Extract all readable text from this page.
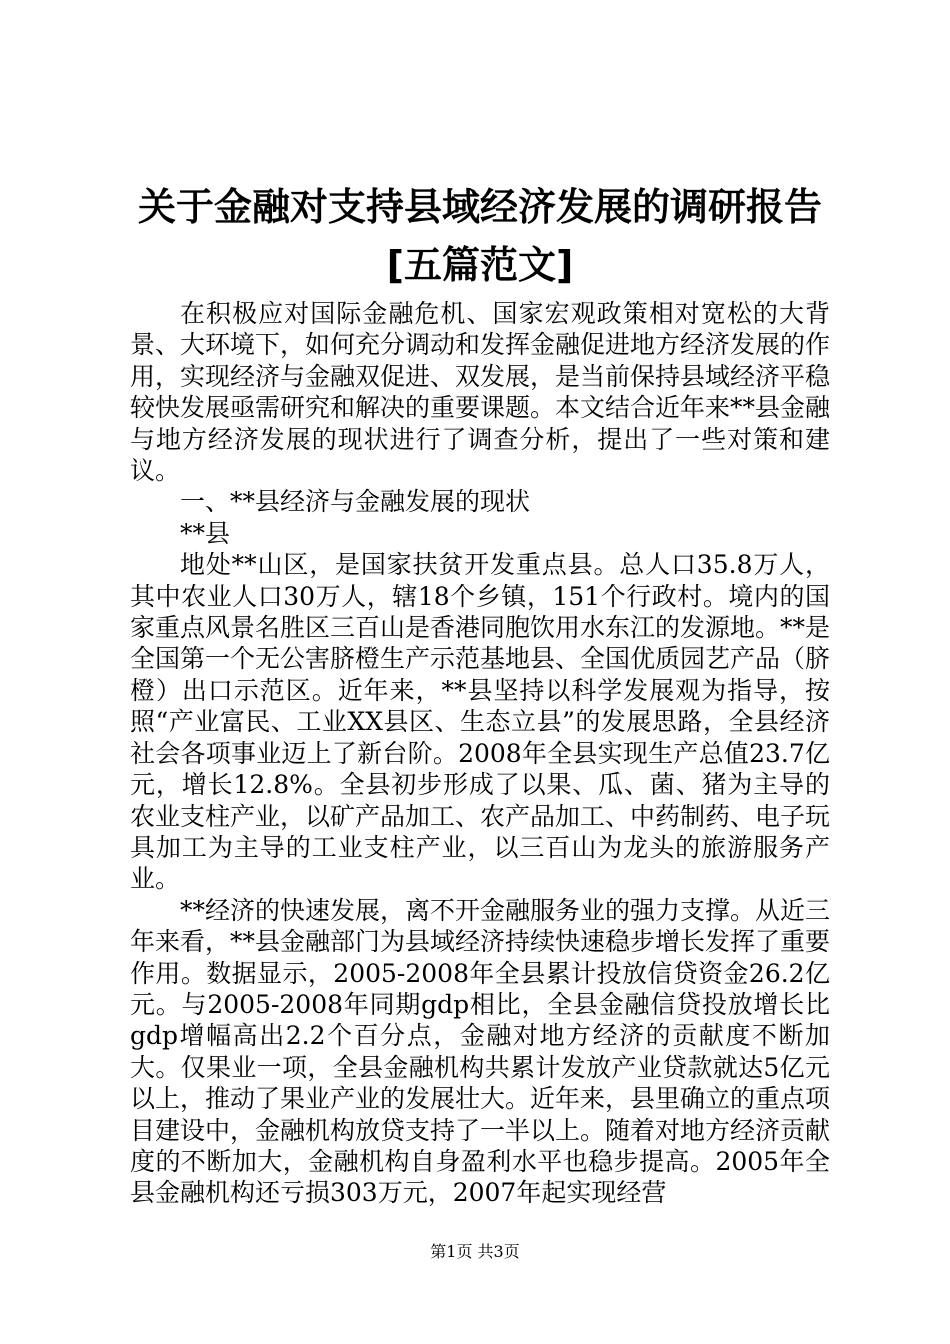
关于金融对支持县域经济发展的调研报告[五篇范文]

在积极应对国际金融危机、国家宏观政策相对宽松的大背景、大环境下，如何充分调动和发挥金融促进地方经济发展的作用，实现经济与金融双促进、双发展，是当前保持县域经济平稳较快发展亟需研究和解决的重要课题。本文结合近年来**县金融与地方经济发展的现状进行了调查分析，提出了一些对策和建议。

一、**县经济与金融发展的现状

**县

地处**山区，是国家扶贫开发重点县。总人口35.8万人，其中农业人口30万人，辖18个乡镇，151个行政村。境内的国家重点风景名胜区三百山是香港同胞饮用水东江的发源地。**是全国第一个无公害脐橙生产示范基地县、全国优质园艺产品（脐橙）出口示范区。近年来，**县坚持以科学发展观为指导，按照“产业富民、工业XX县区、生态立县”的发展思路，全县经济社会各项事业迈上了新台阶。2008年全县实现生产总值23.7亿元，增长12.8%。全县初步形成了以果、瓜、菌、猪为主导的农业支柱产业，以矿产品加工、农产品加工、中药制药、电子玩具加工为主导的工业支柱产业，以三百山为龙头的旅游服务产业。

**经济的快速发展，离不开金融服务业的强力支撑。从近三年来看，**县金融部门为县域经济持续快速稳步增长发挥了重要作用。数据显示，2005-2008年全县累计投放信贷资金26.2亿元。与2005-2008年同期gdp相比，全县金融信贷投放增长比gdp增幅高出2.2个百分点，金融对地方经济的贡献度不断加大。仅果业一项，全县金融机构共累计发放产业贷款就达5亿元以上，推动了果业产业的发展壮大。近年来，县里确立的重点项目建设中，金融机构放贷支持了一半以上。随着对地方经济贡献度的不断加大，金融机构自身盈利水平也稳步提高。2005年全县金融机构还亏损303万元，2007年起实现经营

第1页 共3页
